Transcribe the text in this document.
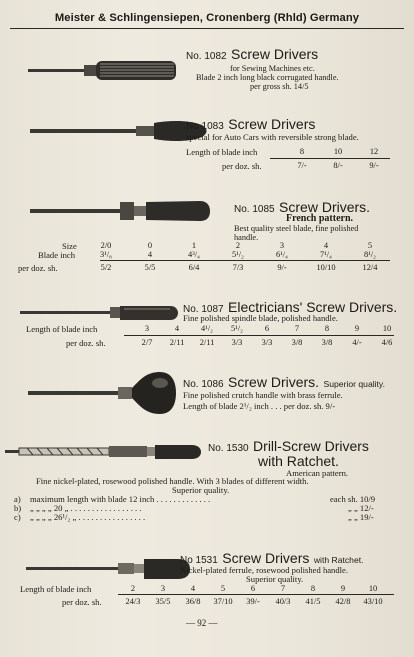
Meister & Schlingensiepen, Cronenberg (Rhld) Germany
No. 1082 Screw Drivers
for Sewing Machines etc.
Blade 2 inch long black corrugated handle.
per gross sh. 14/5
No 1083 Screw Drivers
special for Auto Cars with reversible strong blade.
Length of blade inch	8	10	12
per doz. sh.	7/-	8/-	9/-
No. 1085 Screw Drivers.
French pattern.
Best quality steel blade, fine polished
handle.
Size	2/0	0	1	2	3	4	5
Blade inch	3¹/₈	4	4³/₄	5¹/₂	6¹/₄	7¹/₄	8¹/₂
per doz. sh.	5/2	5/5	6/4	7/3	9/-	10/10	12/4
No. 1087 Electricians' Screw Drivers.
Fine polished spindle blade, polished handle.
Length of blade inch	3	4	4¹/₂	5¹/₂	6	7	8	9	10
per doz. sh.	2/7	2/11	2/11	3/3	3/3	3/8	3/8	4/-	4/6
No. 1086 Screw Drivers. Superior quality.
Fine polished crutch handle with brass ferrule.
Length of blade 2¹/₂ inch . . . per doz. sh. 9/-
No. 1530 Drill-Screw Drivers
with Ratchet.
American pattern.
Fine nickel-plated, rosewood polished handle. With 3 blades of different width.
Superior quality.
a) maximum length with blade 12 inch . . . . . . . . . . . . .	each sh. 10/9
b) „ „ „ „ 20 „ . . . . . . . . . . . . . . . . .	„ „ 12/-
c) „ „ „ „ 26¹/₂ „ . . . . . . . . . . . . . . . .	„ „ 19/-
No 1531 Screw Drivers with Ratchet.
Nickel-plated ferrule, rosewood polished handle.
Superior quality.
Length of blade inch	2	3	4	5	6	7	8	9	10
per doz. sh.	24/3	35/5	36/8	37/10	39/-	40/3	41/5	42/8	43/10
— 92 —
